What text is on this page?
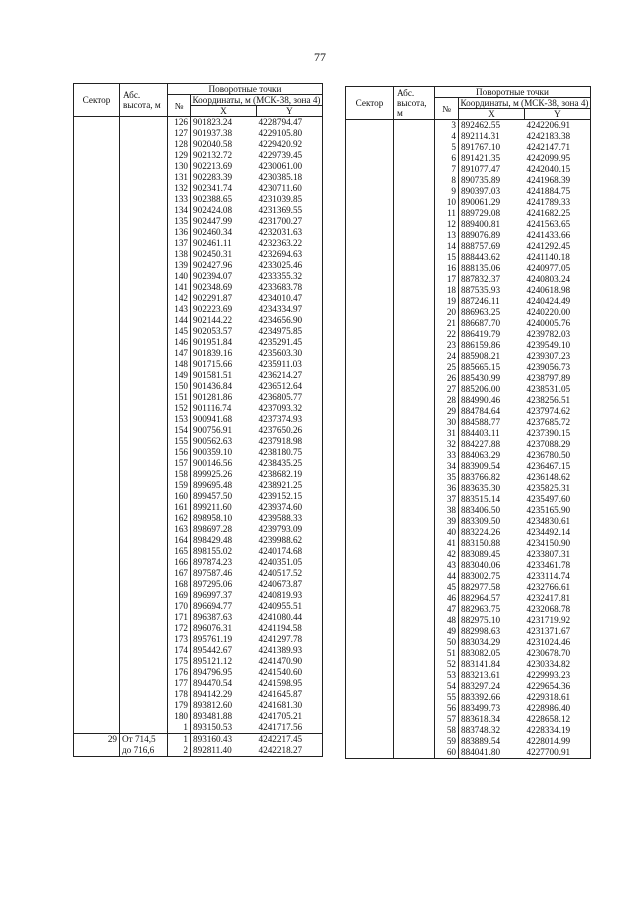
77
Сектор	Абс. высота, м	Поворотные точки		
		№	Координаты, м (МСК-38, зона 4)	
			X	Y
		126	901823.24	4228794.47
		127	901937.38	4229105.80
		128	902040.58	4229420.92
		129	902132.72	4229739.45
		130	902213.69	4230061.00
		131	902283.39	4230385.18
		132	902341.74	4230711.60
		133	902388.65	4231039.85
		134	902424.08	4231369.55
		135	902447.99	4231700.27
		136	902460.34	4232031.63
		137	902461.11	4232363.22
		138	902450.31	4232694.63
		139	902427.96	4233025.46
		140	902394.07	4233355.32
		141	902348.69	4233683.78
		142	902291.87	4234010.47
		143	902223.69	4234334.97
		144	902144.22	4234656.90
		145	902053.57	4234975.85
		146	901951.84	4235291.45
		147	901839.16	4235603.30
		148	901715.66	4235911.03
		149	901581.51	4236214.27
		150	901436.84	4236512.64
		151	901281.86	4236805.77
		152	901116.74	4237093.32
		153	900941.68	4237374.93
		154	900756.91	4237650.26
		155	900562.63	4237918.98
		156	900359.10	4238180.75
		157	900146.56	4238435.25
		158	899925.26	4238682.19
		159	899695.48	4238921.25
		160	899457.50	4239152.15
		161	899211.60	4239374.60
		162	898958.10	4239588.33
		163	898697.28	4239793.09
		164	898429.48	4239988.62
		165	898155.02	4240174.68
		166	897874.23	4240351.05
		167	897587.46	4240517.52
		168	897295.06	4240673.87
		169	896997.37	4240819.93
		170	896694.77	4240955.51
		171	896387.63	4241080.44
		172	896076.31	4241194.58
		173	895761.19	4241297.78
		174	895442.67	4241389.93
		175	895121.12	4241470.90
		176	894796.95	4241540.60
		177	894470.54	4241598.95
		178	894142.29	4241645.87
		179	893812.60	4241681.30
		180	893481.88	4241705.21
		1	893150.53	4241717.56
29	От 714,5	1	893160.43	4242217.45
	до 716,6	2	892811.40	4242218.27
Сектор	Абс. высота, м	Поворотные точки		
		№	Координаты, м (МСК-38, зона 4)	
			X	Y
		3	892462.55	4242206.91
		4	892114.31	4242183.38
		5	891767.10	4242147.71
		6	891421.35	4242099.95
		7	891077.47	4242040.15
		8	890735.89	4241968.39
		9	890397.03	4241884.75
		10	890061.29	4241789.33
		11	889729.08	4241682.25
		12	889400.81	4241563.65
		13	889076.89	4241433.66
		14	888757.69	4241292.45
		15	888443.62	4241140.18
		16	888135.06	4240977.05
		17	887832.37	4240803.24
		18	887535.93	4240618.98
		19	887246.11	4240424.49
		20	886963.25	4240220.00
		21	886687.70	4240005.76
		22	886419.79	4239782.03
		23	886159.86	4239549.10
		24	885908.21	4239307.23
		25	885665.15	4239056.73
		26	885430.99	4238797.89
		27	885206.00	4238531.05
		28	884990.46	4238256.51
		29	884784.64	4237974.62
		30	884588.77	4237685.72
		31	884403.11	4237390.15
		32	884227.88	4237088.29
		33	884063.29	4236780.50
		34	883909.54	4236467.15
		35	883766.82	4236148.62
		36	883635.30	4235825.31
		37	883515.14	4235497.60
		38	883406.50	4235165.90
		39	883309.50	4234830.61
		40	883224.26	4234492.14
		41	883150.88	4234150.90
		42	883089.45	4233807.31
		43	883040.06	4233461.78
		44	883002.75	4233114.74
		45	882977.58	4232766.61
		46	882964.57	4232417.81
		47	882963.75	4232068.78
		48	882975.10	4231719.92
		49	882998.63	4231371.67
		50	883034.29	4231024.46
		51	883082.05	4230678.70
		52	883141.84	4230334.82
		53	883213.61	4229993.23
		54	883297.24	4229654.36
		55	883392.66	4229318.61
		56	883499.73	4228986.40
		57	883618.34	4228658.12
		58	883748.32	4228334.19
		59	883889.54	4228014.99
		60	884041.80	4227700.91
